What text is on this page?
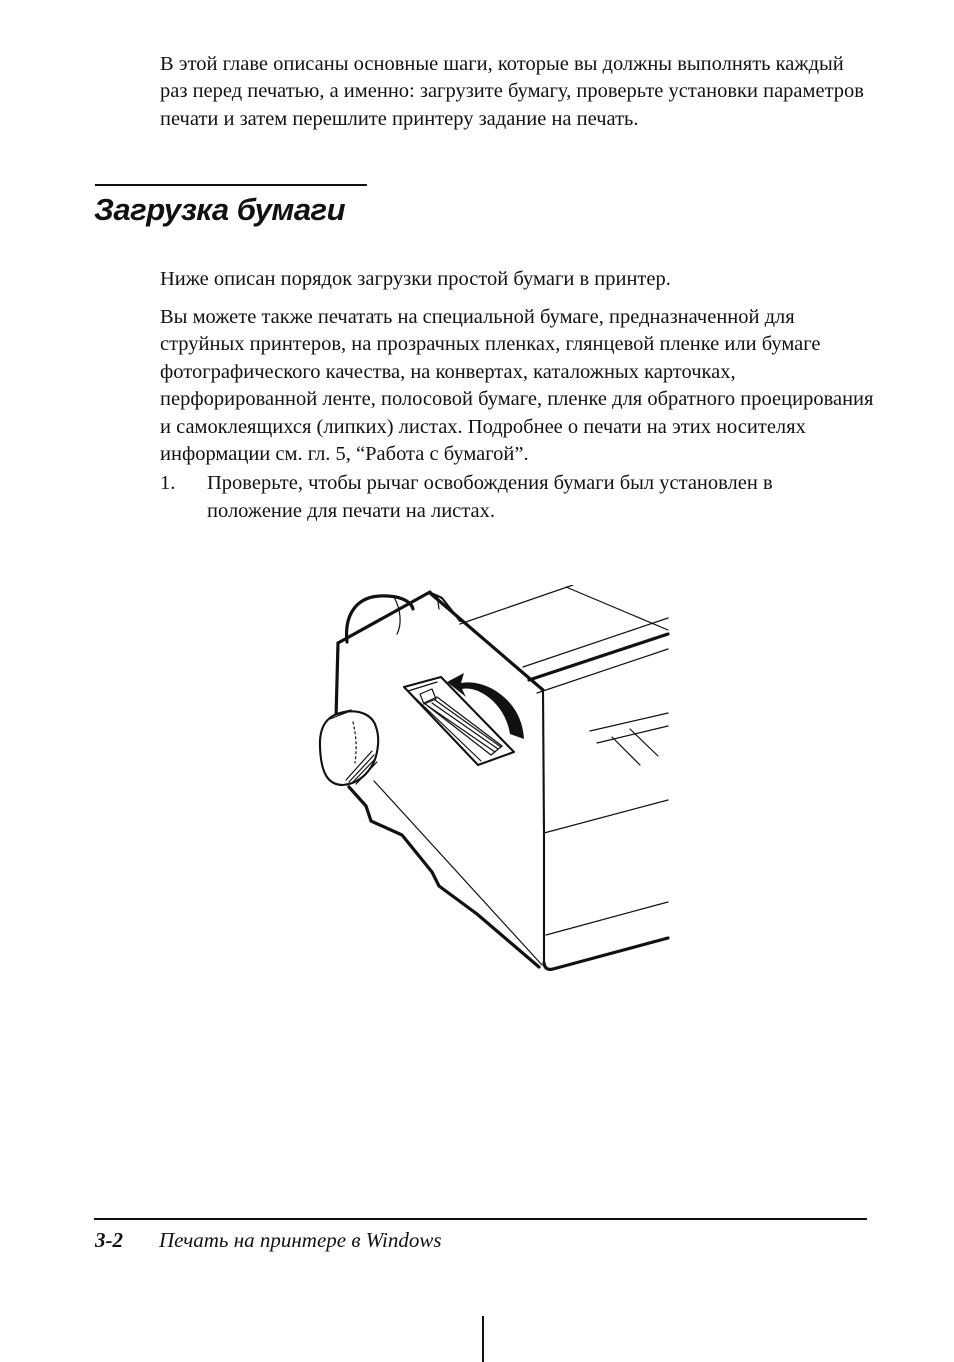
В этой главе описаны основные шаги, которые вы должны выполнять каждый раз перед печатью, а именно: загрузите бумагу, проверьте установки параметров печати и затем перешлите принтеру задание на печать.

Загрузка бумаги

Ниже описан порядок загрузки простой бумаги в принтер.

Вы можете также печатать на специальной бумаге, предназначенной для струйных принтеров, на прозрачных пленках, глянцевой пленке или бумаге фотографического качества, на конвертах, каталожных карточках, перфорированной ленте, полосовой бумаге, пленке для обратного проецирования и самоклеящихся (липких) листах. Подробнее о печати на этих носителях информации см. гл. 5, “Работа с бумагой”.

1.	Проверьте, чтобы рычаг освобождения бумаги был установлен в положение для печати на листах.
3-2 Печать на принтере в Windows
